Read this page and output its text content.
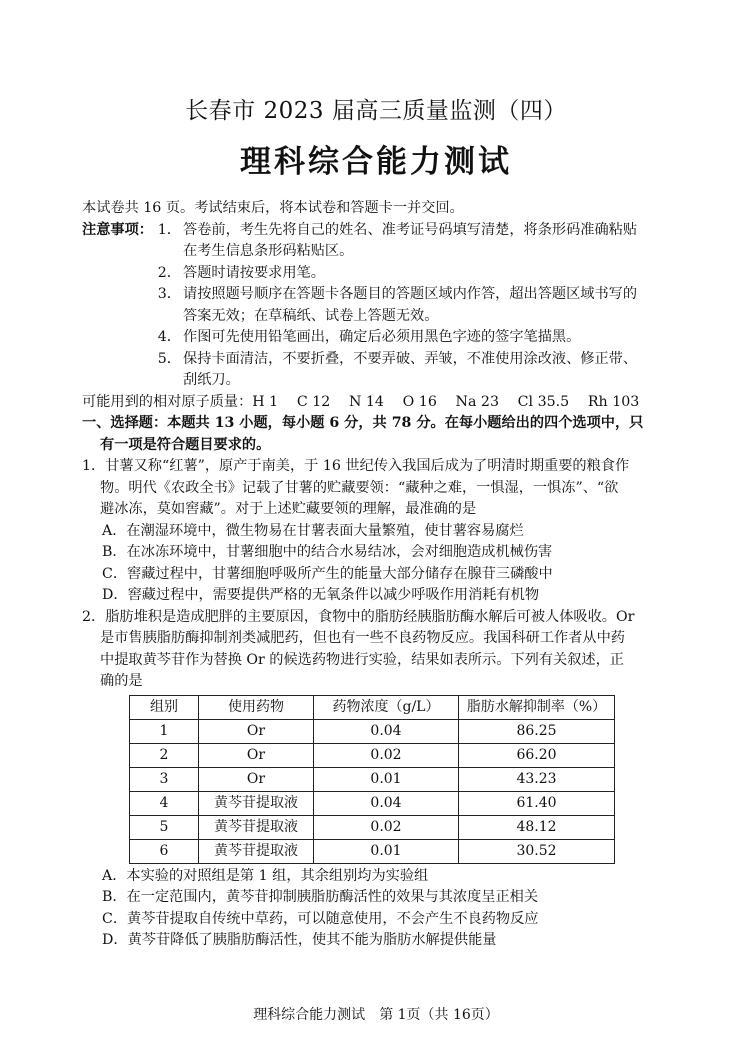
长春市 2023 届高三质量监测（四）
理科综合能力测试

本试卷共 16 页。考试结束后，将本试卷和答题卡一并交回。

注意事项： 1． 答卷前，考生先将自己的姓名、准考证号码填写清楚，将条形码准确粘贴
在考生信息条形码粘贴区。
2． 答题时请按要求用笔。
3． 请按照题号顺序在答题卡各题目的答题区域内作答，超出答题区域书写的
答案无效；在草稿纸、试卷上答题无效。
4． 作图可先使用铅笔画出，确定后必须用黑色字迹的签字笔描黑。
5． 保持卡面清洁，不要折叠，不要弄破、弄皱，不准使用涂改液、修正带、
刮纸刀。

可能用到的相对原子质量：H 1　 C 12　 N 14　 O 16　 Na 23　 Cl 35.5　 Rh 103

一、选择题：本题共 13 小题，每小题 6 分，共 78 分。在每小题给出的四个选项中，只

有一项是符合题目要求的。

1．甘薯又称“红薯”，原产于南美，于 16 世纪传入我国后成为了明清时期重要的粮食作

物。明代《农政全书》记载了甘薯的贮藏要领：“藏种之难，一惧湿，一惧冻”、“欲

避冰冻，莫如窖藏”。对于上述贮藏要领的理解，最准确的是

A．在潮湿环境中，微生物易在甘薯表面大量繁殖，使甘薯容易腐烂

B．在冰冻环境中，甘薯细胞中的结合水易结冰，会对细胞造成机械伤害

C．窖藏过程中，甘薯细胞呼吸所产生的能量大部分储存在腺苷三磷酸中

D．窖藏过程中，需要提供严格的无氧条件以减少呼吸作用消耗有机物

2．脂肪堆积是造成肥胖的主要原因，食物中的脂肪经胰脂肪酶水解后可被人体吸收。Or

是市售胰脂肪酶抑制剂类减肥药，但也有一些不良药物反应。我国科研工作者从中药

中提取黄芩苷作为替换 Or 的候选药物进行实验，结果如表所示。下列有关叙述，正

确的是

组别	使用药物	药物浓度（g/L）	脂肪水解抑制率（%）
1	Or	0.04	86.25
2	Or	0.02	66.20
3	Or	0.01	43.23
4	黄芩苷提取液	0.04	61.40
5	黄芩苷提取液	0.02	48.12
6	黄芩苷提取液	0.01	30.52

A．本实验的对照组是第 1 组，其余组别均为实验组

B．在一定范围内，黄芩苷抑制胰脂肪酶活性的效果与其浓度呈正相关

C．黄芩苷提取自传统中草药，可以随意使用，不会产生不良药物反应

D．黄芩苷降低了胰脂肪酶活性，使其不能为脂肪水解提供能量

理科综合能力测试 第 1页（共 16页）
